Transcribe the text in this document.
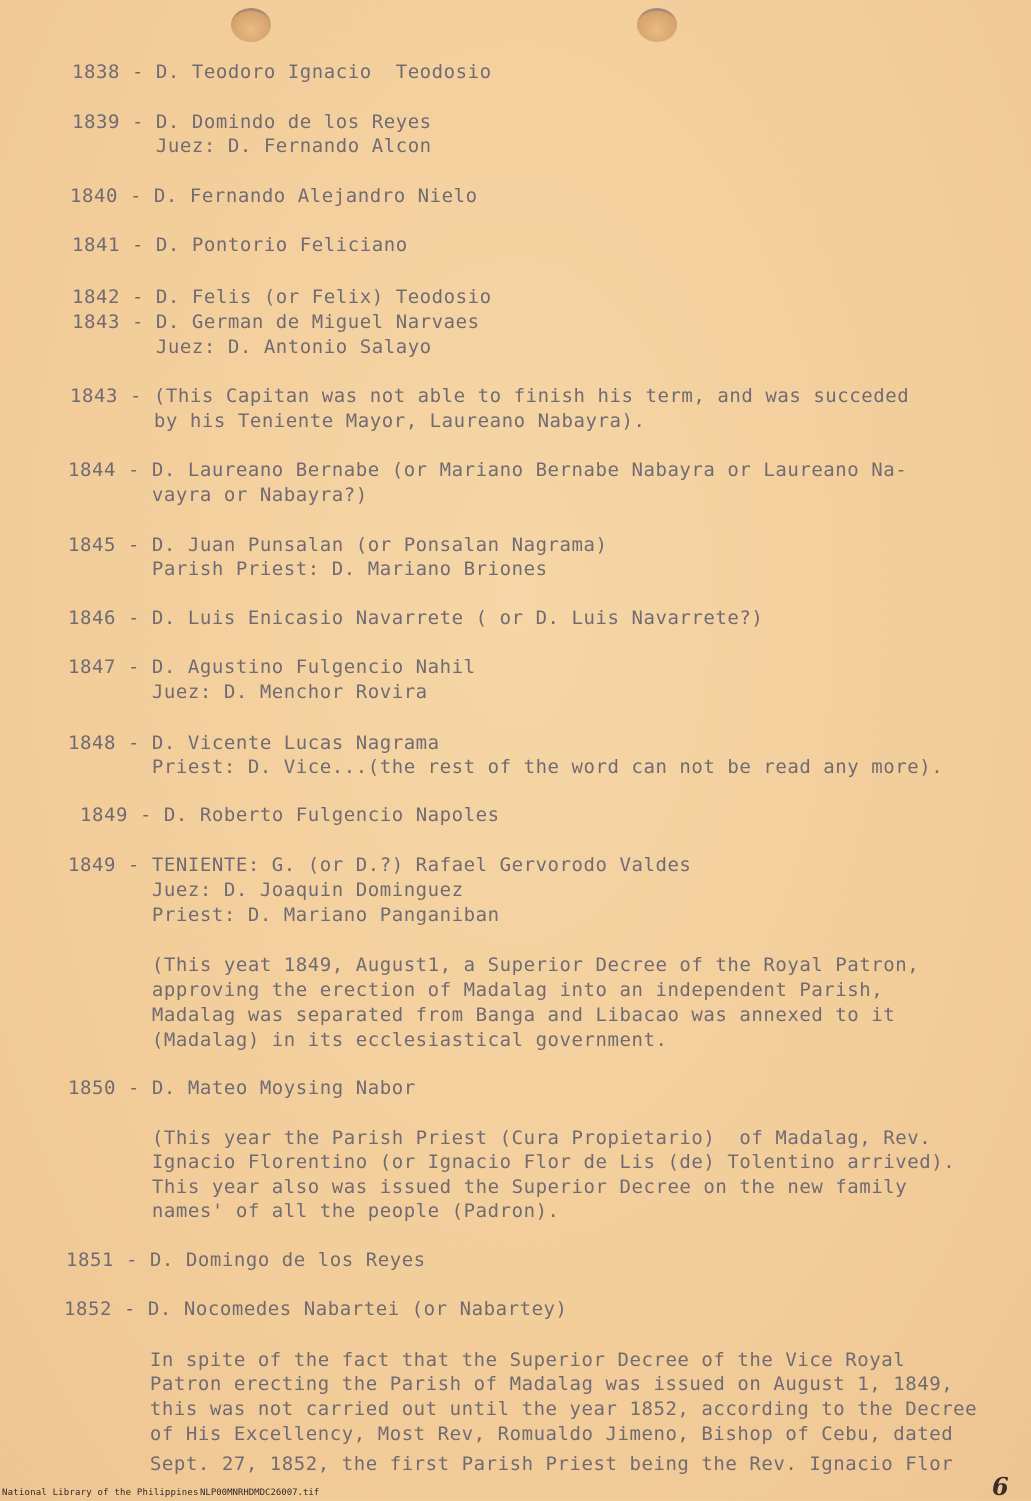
1838 - D. Teodoro Ignacio  Teodosio
1839 - D. Domindo de los Reyes
Juez: D. Fernando Alcon
1840 - D. Fernando Alejandro Nielo
1841 - D. Pontorio Feliciano
1842 - D. Felis (or Felix) Teodosio
1843 - D. German de Miguel Narvaes
Juez: D. Antonio Salayo
1843 - (This Capitan was not able to finish his term, and was succeded
by his Teniente Mayor, Laureano Nabayra).
1844 - D. Laureano Bernabe (or Mariano Bernabe Nabayra or Laureano Na-
vayra or Nabayra?)
1845 - D. Juan Punsalan (or Ponsalan Nagrama)
Parish Priest: D. Mariano Briones
1846 - D. Luis Enicasio Navarrete ( or D. Luis Navarrete?)
1847 - D. Agustino Fulgencio Nahil
Juez: D. Menchor Rovira
1848 - D. Vicente Lucas Nagrama
Priest: D. Vice...(the rest of the word can not be read any more).
1849 - D. Roberto Fulgencio Napoles
1849 - TENIENTE: G. (or D.?) Rafael Gervorodo Valdes
Juez: D. Joaquin Dominguez
Priest: D. Mariano Panganiban
(This yeat 1849, August1, a Superior Decree of the Royal Patron,
approving the erection of Madalag into an independent Parish,
Madalag was separated from Banga and Libacao was annexed to it
(Madalag) in its ecclesiastical government.
1850 - D. Mateo Moysing Nabor
(This year the Parish Priest (Cura Propietario)  of Madalag, Rev.
Ignacio Florentino (or Ignacio Flor de Lis (de) Tolentino arrived).
This year also was issued the Superior Decree on the new family
names' of all the people (Padron).
1851 - D. Domingo de los Reyes
1852 - D. Nocomedes Nabartei (or Nabartey)
In spite of the fact that the Superior Decree of the Vice Royal
Patron erecting the Parish of Madalag was issued on August 1, 1849,
this was not carried out until the year 1852, according to the Decree
of His Excellency, Most Rev, Romualdo Jimeno, Bishop of Cebu, dated
Sept. 27, 1852, the first Parish Priest being the Rev. Ignacio Flor
National Library of the Philippines NLP00MNRHDMDC26007.tif	6
